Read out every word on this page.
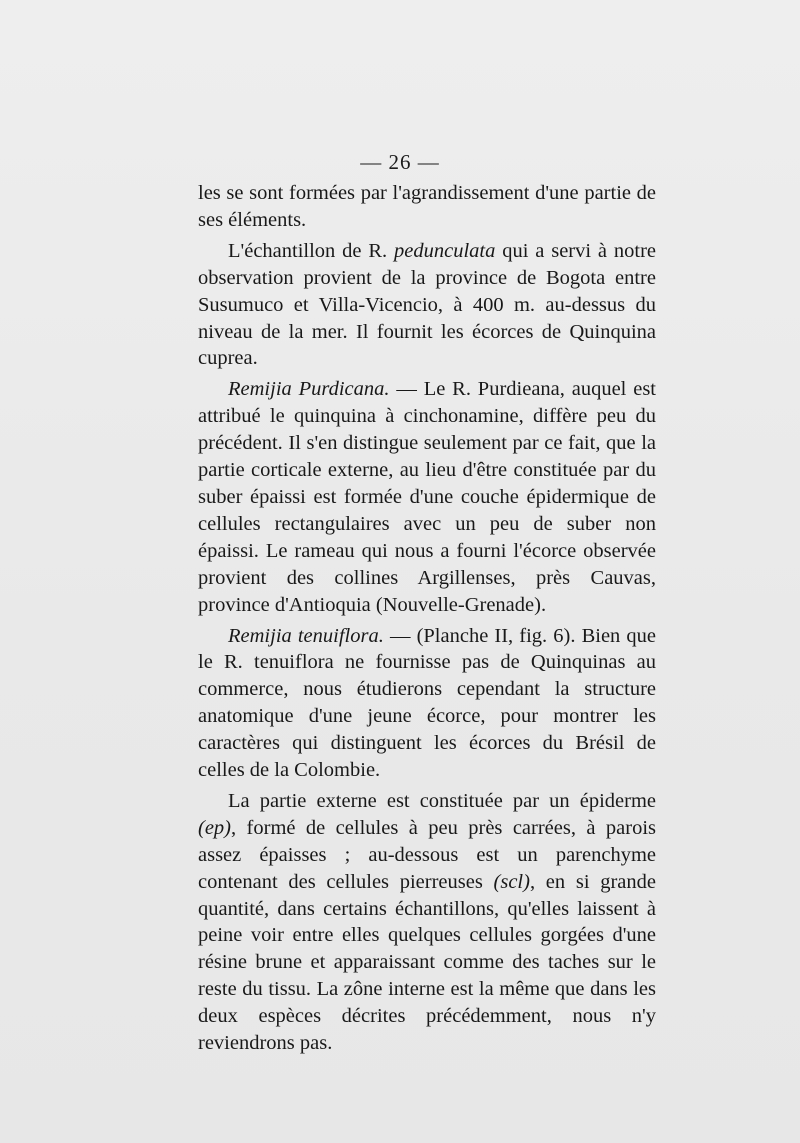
— 26 —

les se sont formées par l'agrandissement d'une partie de ses éléments.

L'échantillon de R. pedunculata qui a servi à notre observation provient de la province de Bogota entre Susumuco et Villa-Vicencio, à 400 m. au-dessus du niveau de la mer. Il fournit les écorces de Quinquina cuprea.

Remijia Purdicana. — Le R. Purdieana, auquel est attribué le quinquina à cinchonamine, diffère peu du précédent. Il s'en distingue seulement par ce fait, que la partie corticale externe, au lieu d'être constituée par du suber épaissi est formée d'une couche épidermique de cellules rectangulaires avec un peu de suber non épaissi. Le rameau qui nous a fourni l'écorce observée provient des collines Argillenses, près Cauvas, province d'Antioquia (Nouvelle-Grenade).

Remijia tenuiflora. — (Planche II, fig. 6). Bien que le R. tenuiflora ne fournisse pas de Quinquinas au commerce, nous étudierons cependant la structure anatomique d'une jeune écorce, pour montrer les caractères qui distinguent les écorces du Brésil de celles de la Colombie.

La partie externe est constituée par un épiderme (ep), formé de cellules à peu près carrées, à parois assez épaisses ; au-dessous est un parenchyme contenant des cellules pierreuses (scl), en si grande quantité, dans certains échantillons, qu'elles laissent à peine voir entre elles quelques cellules gorgées d'une résine brune et apparaissant comme des taches sur le reste du tissu. La zône interne est la même que dans les deux espèces décrites précédemment, nous n'y reviendrons pas.
